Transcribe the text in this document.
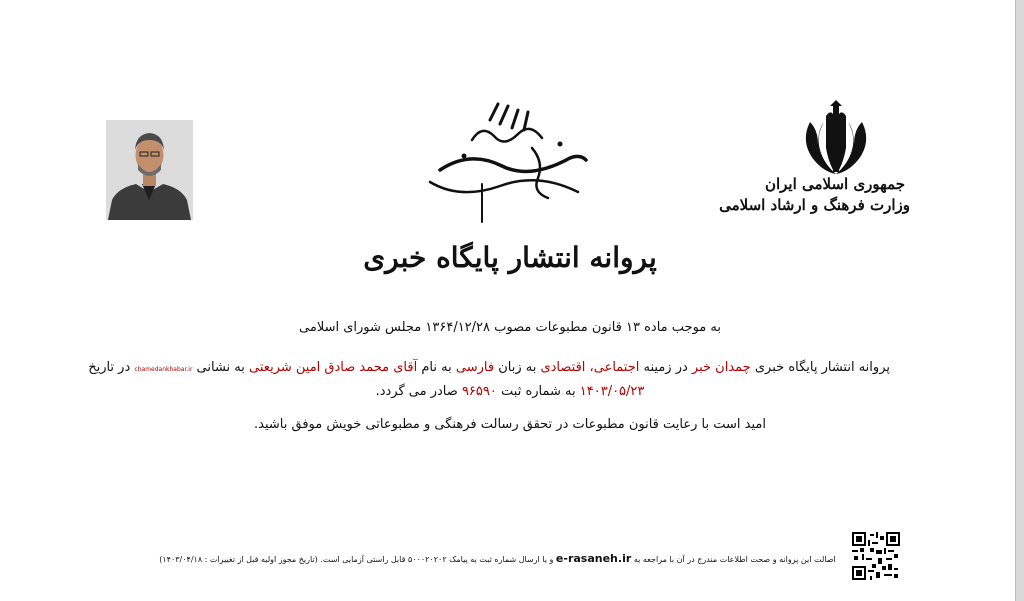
جمهوری اسلامی ایران
وزارت فرهنگ و ارشاد اسلامی
پروانه انتشار پایگاه خبری
به موجب ماده ۱۳ قانون مطبوعات مصوب ۱۳۶۴/۱۲/۲۸ مجلس شورای اسلامی
پروانه انتشار پایگاه خبری چمدان خبر در زمینه اجتماعی، اقتصادی به زبان فارسی به نام آقای محمد صادق امین شریعتی به نشانی chamedankhabar.ir در تاریخ
۱۴۰۳/۰۵/۲۳ به شماره ثبت ۹۶۵۹۰ صادر می گردد.
امید است با رعایت قانون مطبوعات در تحقق رسالت فرهنگی و مطبوعاتی خویش موفق باشید.
اصالت این پروانه و صحت اطلاعات مندرج در آن با مراجعه به e-rasaneh.ir و یا ارسال شماره ثبت به پیامک ۵۰۰۰۲۰۲۰۲ قابل راستی آزمایی است. (تاریخ مجوز اولیه قبل از تغییرات : ۱۴۰۳/۰۴/۱۸)
